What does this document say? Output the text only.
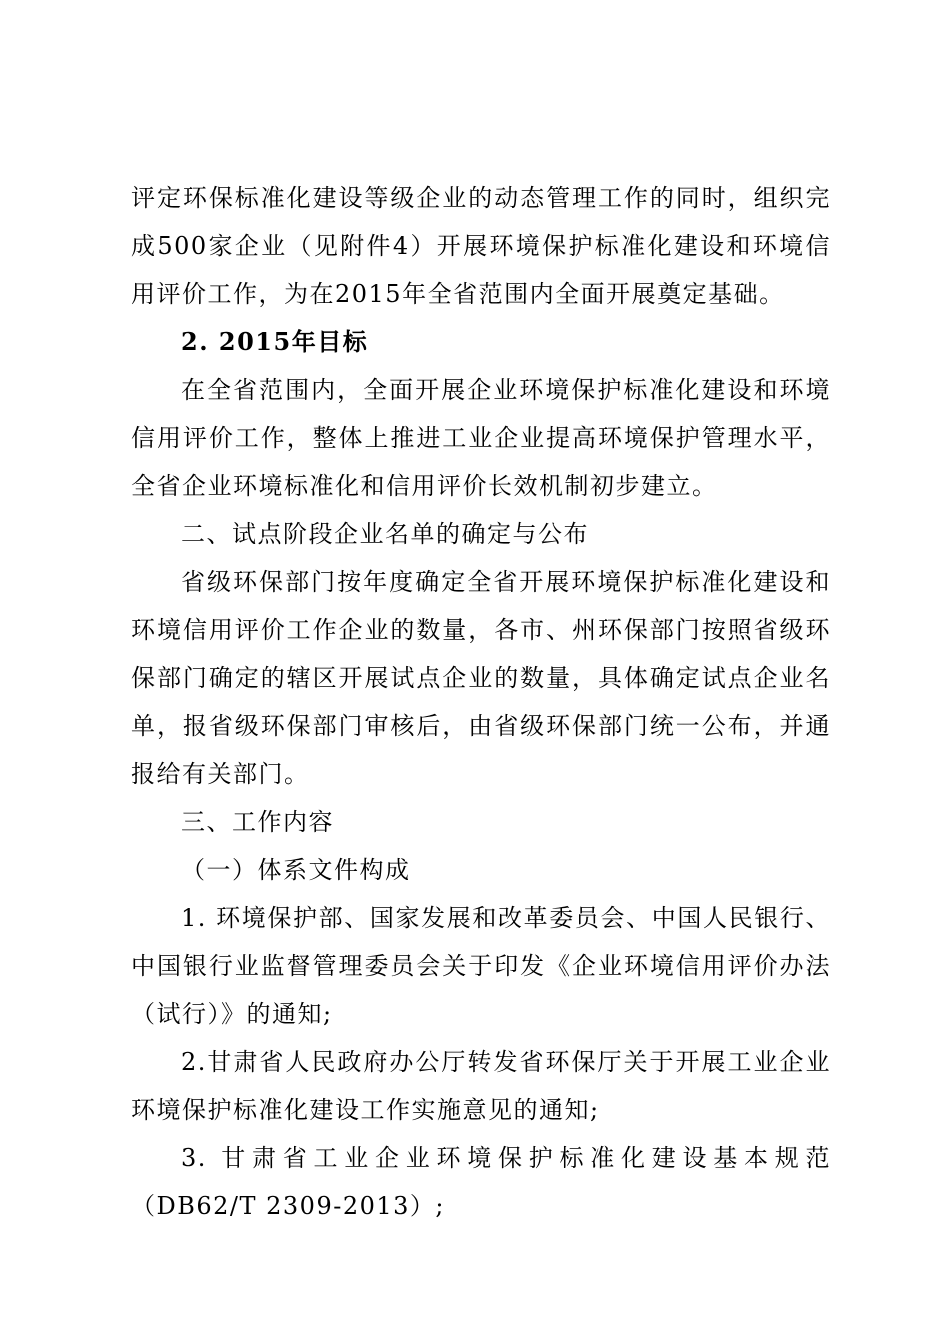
评定环保标准化建设等级企业的动态管理工作的同时，组织完成500家企业（见附件4）开展环境保护标准化建设和环境信用评价工作，为在2015年全省范围内全面开展奠定基础。

2. 2015年目标

在全省范围内，全面开展企业环境保护标准化建设和环境信用评价工作，整体上推进工业企业提高环境保护管理水平，全省企业环境标准化和信用评价长效机制初步建立。

二、试点阶段企业名单的确定与公布

省级环保部门按年度确定全省开展环境保护标准化建设和环境信用评价工作企业的数量，各市、州环保部门按照省级环保部门确定的辖区开展试点企业的数量，具体确定试点企业名单，报省级环保部门审核后，由省级环保部门统一公布，并通报给有关部门。

三、工作内容

（一）体系文件构成

1. 环境保护部、国家发展和改革委员会、中国人民银行、中国银行业监督管理委员会关于印发《企业环境信用评价办法（试行）》的通知;

2.甘肃省人民政府办公厅转发省环保厅关于开展工业企业环境保护标准化建设工作实施意见的通知;

3. 甘肃省工业企业环境保护标准化建设基本规范（DB62/T 2309-2013）;
